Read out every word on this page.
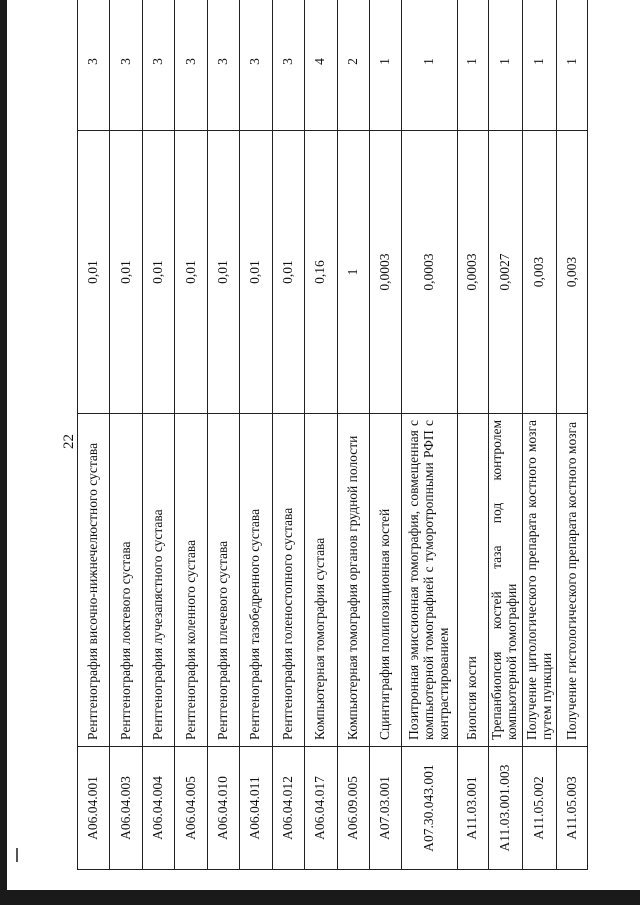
22
A06.04.001	Рентгенография височно-нижнечелюстного сустава	0,01	3
A06.04.003	Рентгенография локтевого сустава	0,01	3
A06.04.004	Рентгенография лучезапястного сустава	0,01	3
A06.04.005	Рентгенография коленного сустава	0,01	3
A06.04.010	Рентгенография плечевого сустава	0,01	3
A06.04.011	Рентгенография тазобедренного сустава	0,01	3
A06.04.012	Рентгенография голеностопного сустава	0,01	3
A06.04.017	Компьютерная томография сустава	0,16	4
A06.09.005	Компьютерная томография органов грудной полости	1	2
A07.03.001	Сцинтиграфия полипозиционная костей	0,0003	1
A07.30.043.001	Позитронная эмиссионная томография, совмещенная с компьютерной томографией с туморотропными РФП с контрастированием	0,0003	1
A11.03.001	Биопсия кости	0,0003	1
A11.03.001.003	Трепанбиопсия костей таза под контролем компьютерной томографии	0,0027	1
A11.05.002	Получение цитологического препарата костного мозга путем пункции	0,003	1
A11.05.003	Получение гистологического препарата костного мозга	0,003	1
